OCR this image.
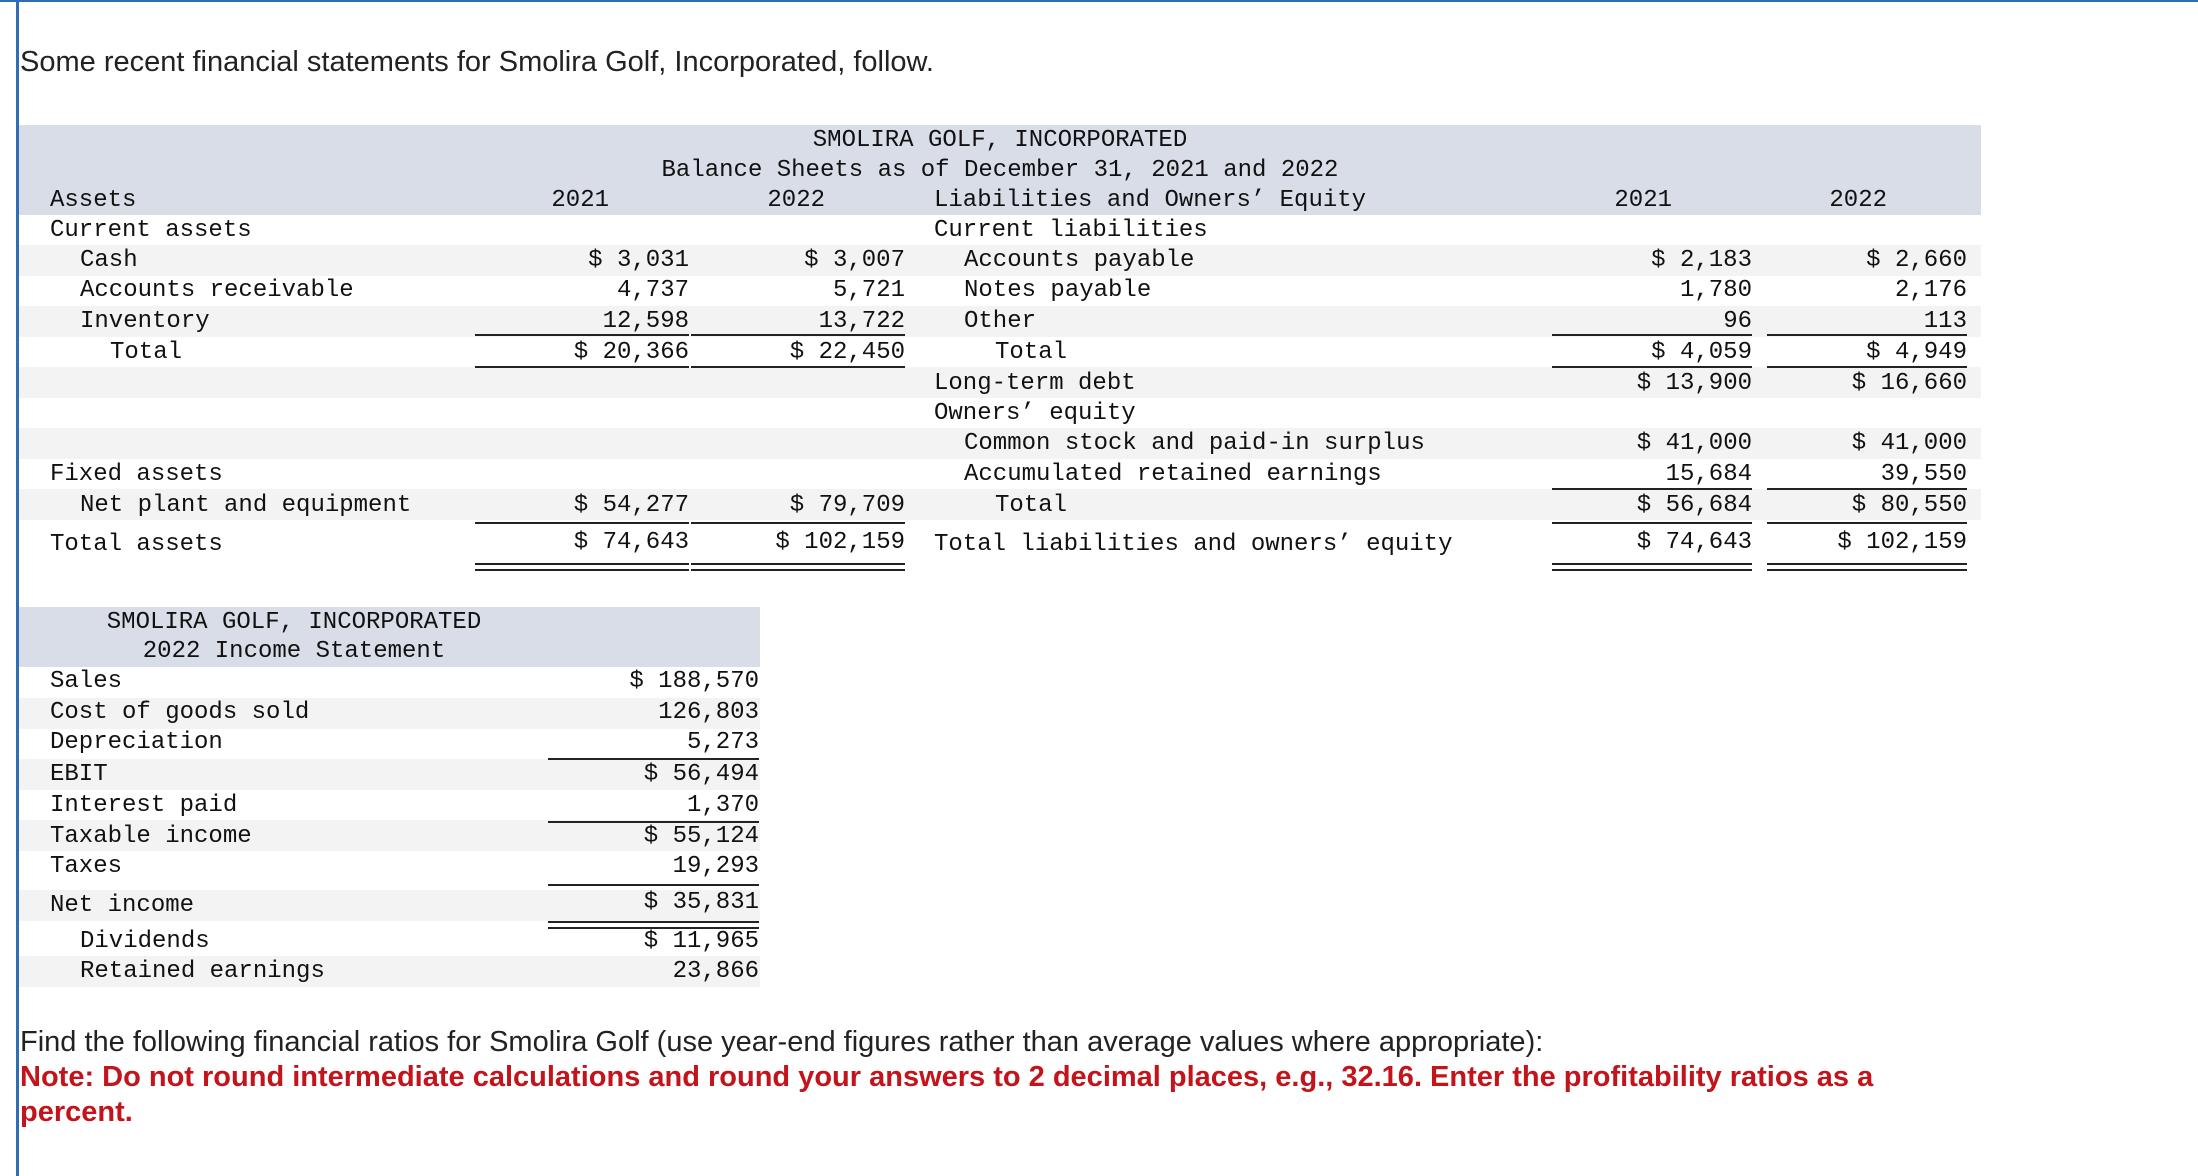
Some recent financial statements for Smolira Golf, Incorporated, follow.
SMOLIRA GOLF, INCORPORATED
Balance Sheets as of December 31, 2021 and 2022
Assets	2021	2022	Liabilities and Owners’ Equity	2021	2022
Current assets	Current liabilities
Cash	$ 3,031	$ 3,007 Accounts payable	$ 2,183	$ 2,660
Accounts receivable	4,737	5,721 Notes payable	1,780	2,176
Inventory	12,598	13,722 Other	96	113
Total	$ 20,366	$ 22,450	Total	$ 4,059	$ 4,949
Long-term debt	$ 13,900	$ 16,660
Owners’ equity
Common stock and paid-in surplus	$ 41,000	$ 41,000
Fixed assets	Accumulated retained earnings	15,684	39,550
Net plant and equipment	$ 54,277	$ 79,709	Total	$ 56,684	$ 80,550
Total assets	$ 74,643	$ 102,159 Total liabilities and owners’ equity	$ 74,643	$ 102,159
SMOLIRA GOLF, INCORPORATED
2022 Income Statement
Sales	$ 188,570
Cost of goods sold	126,803
Depreciation	5,273
EBIT	$ 56,494
Interest paid	1,370
Taxable income	$ 55,124
Taxes	19,293
Net income	$ 35,831
Dividends	$ 11,965
Retained earnings	23,866
Find the following financial ratios for Smolira Golf (use year-end figures rather than average values where appropriate):
Note: Do not round intermediate calculations and round your answers to 2 decimal places, e.g., 32.16. Enter the profitability ratios as a percent.
